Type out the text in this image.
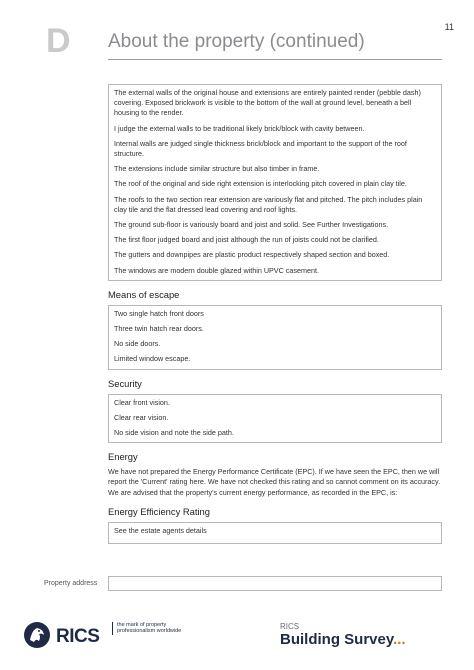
11
D About the property (continued)

The external walls of the original house and extensions are entirely painted render (pebble dash) covering. Exposed brickwork is visible to the bottom of the wall at ground level, beneath a bell housing to the render.

I judge the external walls to be traditional likely brick/block with cavity between.

Internal walls are judged single thickness brick/block and important to the support of the roof structure.

The extensions include similar structure but also timber in frame.

The roof of the original and side right extension is interlocking pitch covered in plain clay tile.

The roofs to the two section rear extension are variously flat and pitched. The pitch includes plain clay tile and the flat dressed lead covering and roof lights.

The ground sub-floor is variously board and joist and solid. See Further Investigations.

The first floor judged board and joist although the run of joists could not be clarified.

The gutters and downpipes are plastic product respectively shaped section and boxed.

The windows are modern double glazed within UPVC casement.

Means of escape

Two single hatch front doors

Three twin hatch rear doors.

No side doors.

Limited window escape.

Security

Clear front vision.

Clear rear vision.

No side vision and note the side path.

Energy
We have not prepared the Energy Performance Certificate (EPC). If we have seen the EPC, then we will report the 'Current' rating here. We have not checked this rating and so cannot comment on its accuracy. We are advised that the property's current energy performance, as recorded in the EPC, is:
Energy Efficiency Rating

See the estate agents details

Property address
RICS
the mark of property professionalism worldwide
RICS
Building Survey...
